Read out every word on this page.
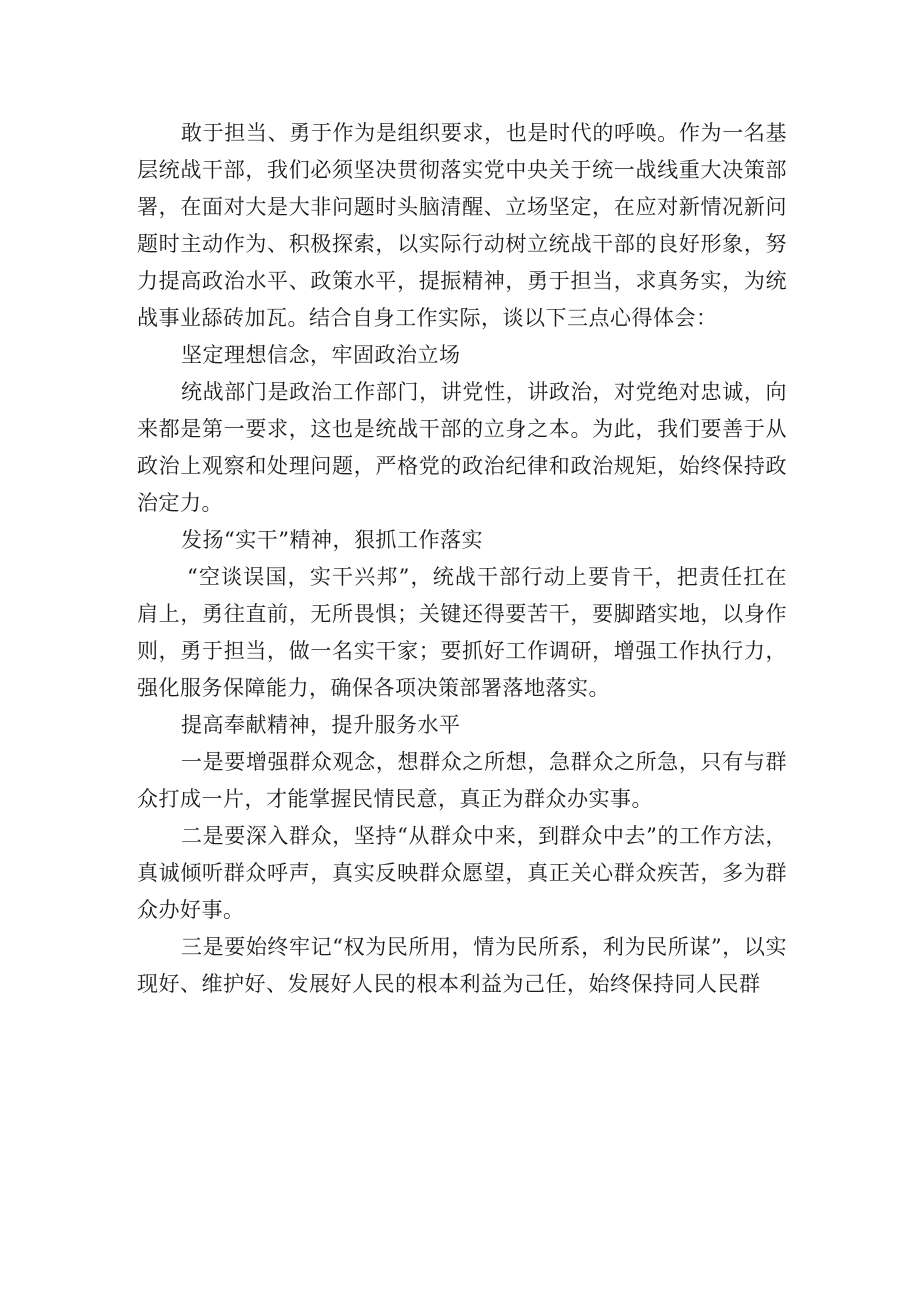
敢于担当、勇于作为是组织要求，也是时代的呼唤。作为一名基层统战干部，我们必须坚决贯彻落实党中央关于统一战线重大决策部署，在面对大是大非问题时头脑清醒、立场坚定，在应对新情况新问题时主动作为、积极探索，以实际行动树立统战干部的良好形象，努力提高政治水平、政策水平，提振精神，勇于担当，求真务实，为统战事业舔砖加瓦。结合自身工作实际，谈以下三点心得体会：

坚定理想信念，牢固政治立场

统战部门是政治工作部门，讲党性，讲政治，对党绝对忠诚，向来都是第一要求，这也是统战干部的立身之本。为此，我们要善于从政治上观察和处理问题，严格党的政治纪律和政治规矩，始终保持政治定力。

发扬“实干”精神，狠抓工作落实

“空谈误国，实干兴邦”，统战干部行动上要肯干，把责任扛在肩上，勇往直前，无所畏惧；关键还得要苦干，要脚踏实地，以身作则，勇于担当，做一名实干家；要抓好工作调研，增强工作执行力，强化服务保障能力，确保各项决策部署落地落实。

提高奉献精神，提升服务水平

一是要增强群众观念，想群众之所想，急群众之所急，只有与群众打成一片，才能掌握民情民意，真正为群众办实事。

二是要深入群众，坚持“从群众中来，到群众中去”的工作方法，真诚倾听群众呼声，真实反映群众愿望，真正关心群众疾苦，多为群众办好事。

三是要始终牢记“权为民所用，情为民所系，利为民所谋”，以实现好、维护好、发展好人民的根本利益为己任，始终保持同人民群
